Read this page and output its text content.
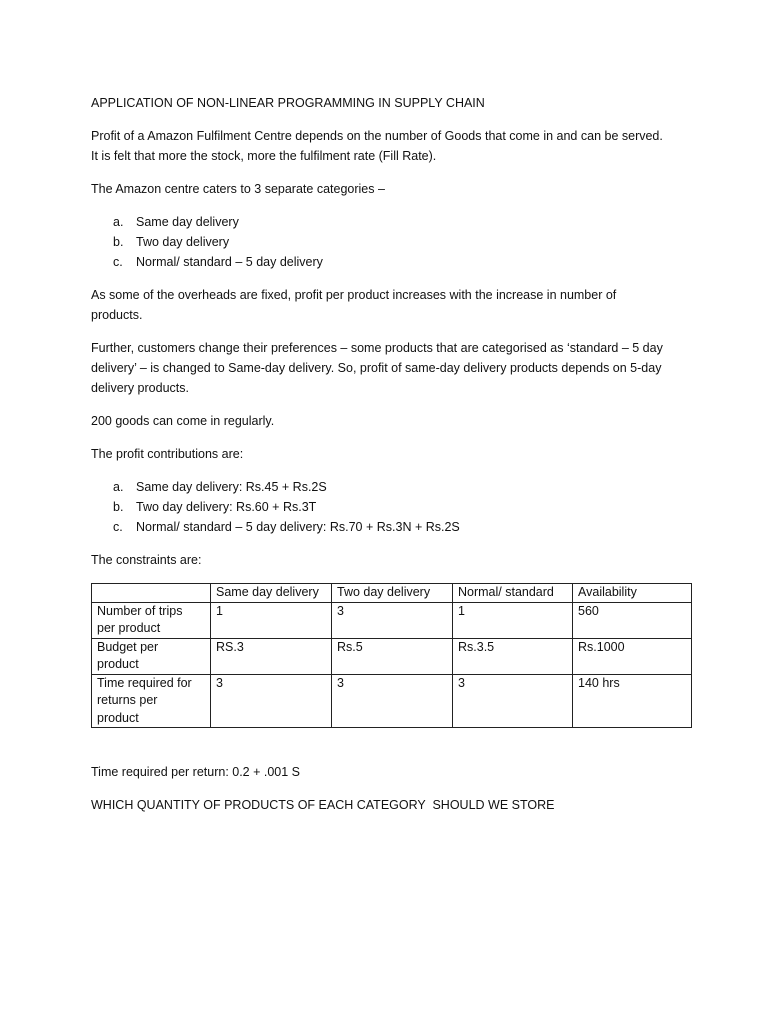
APPLICATION OF NON-LINEAR PROGRAMMING IN SUPPLY CHAIN
Profit of a Amazon Fulfilment Centre depends on the number of Goods that come in and can be served.
It is felt that more the stock, more the fulfilment rate (Fill Rate).
The Amazon centre caters to 3 separate categories –
a. Same day delivery
b. Two day delivery
c. Normal/ standard – 5 day delivery
As some of the overheads are fixed, profit per product increases with the increase in number of
products.
Further, customers change their preferences – some products that are categorised as ‘standard – 5 day
delivery’ – is changed to Same-day delivery. So, profit of same-day delivery products depends on 5-day
delivery products.
200 goods can come in regularly.
The profit contributions are:
a. Same day delivery: Rs.45 + Rs.2S
b. Two day delivery: Rs.60 + Rs.3T
c. Normal/ standard – 5 day delivery: Rs.70 + Rs.3N + Rs.2S
The constraints are:
	Same day delivery	Two day delivery	Normal/ standard	Availability

Number of trips
per product	1	3	1	560

Budget per
product	RS.3	Rs.5	Rs.3.5	Rs.1000

Time required for
returns per
product	3	3	3	140 hrs
Time required per return: 0.2 + .001 S
WHICH QUANTITY OF PRODUCTS OF EACH CATEGORY  SHOULD WE STORE
